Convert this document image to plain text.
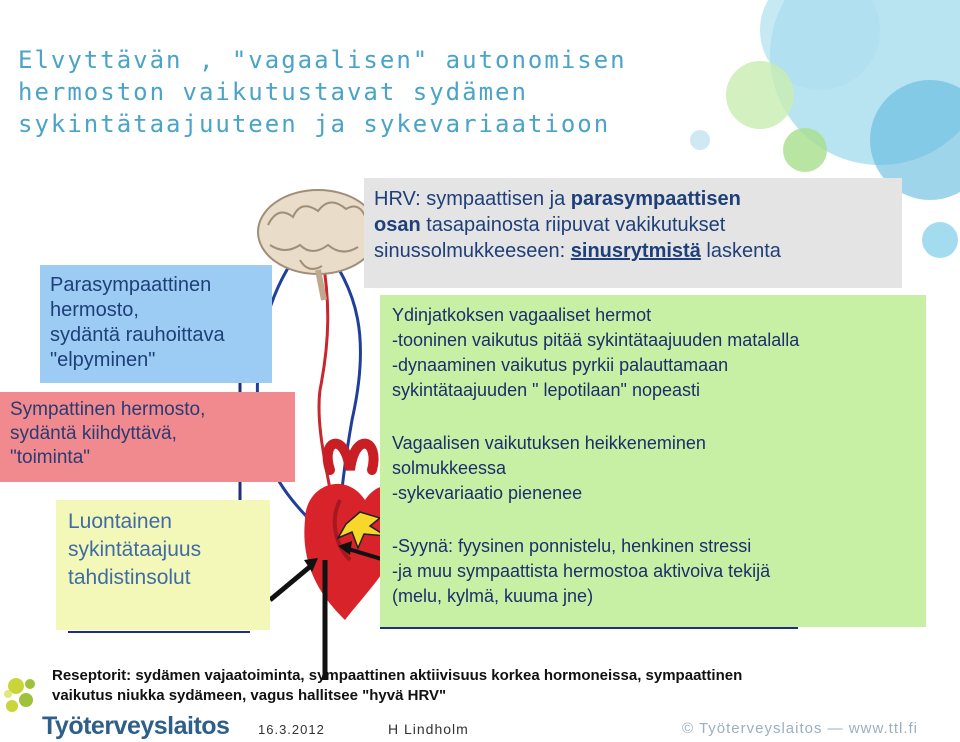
Elvyttävän , "vagaalisen" autonomisen
hermoston vaikutustavat sydämen
sykintätaajuuteen ja sykevariaatioon
Parasympaattinen
hermosto,
sydäntä rauhoittava
"elpyminen"
Sympattinen hermosto,
sydäntä kiihdyttävä,
"toiminta"
Luontainen
sykintätaajuus
tahdistinsolut
HRV: sympaattisen ja parasympaattisen
osan tasapainosta riipuvat vakikutukset
sinussolmukkeeseen: sinusrytmistä laskenta

Ydinjatkoksen vagaaliset hermot

-tooninen vaikutus pitää sykintätaajuuden matalalla

-dynaaminen vaikutus pyrkii palauttamaan

sykintätaajuuden " lepotilaan" nopeasti

Vagaalisen vaikutuksen heikkeneminen

solmukkeessa

-sykevariaatio pienenee

-Syynä: fyysinen ponnistelu, henkinen stressi

-ja muu sympaattista hermostoa aktivoiva tekijä

(melu, kylmä, kuuma jne)

Reseptorit: sydämen vajaatoiminta, sympaattinen aktiivisuus korkea hormoneissa, sympaattinen
vaikutus niukka sydämeen, vagus hallitsee "hyvä HRV"
Työterveyslaitos 16.3.2012	H Lindholm	© Työterveyslaitos — www.ttl.fi
